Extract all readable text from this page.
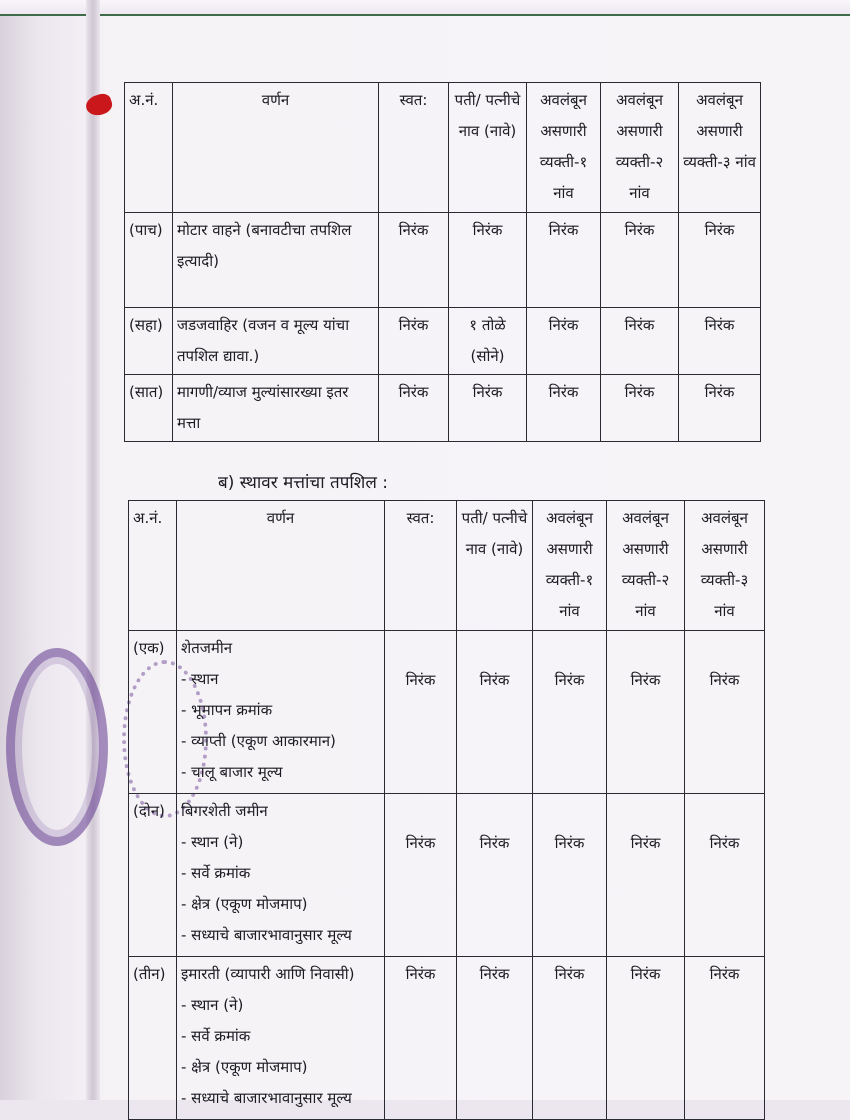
अ.नं.	वर्णन	स्वत:	पती/ पत्नीचे नाव (नावे)	अवलंबून असणारी व्यक्ती-१ नांव	अवलंबून असणारी व्यक्ती-२ नांव	अवलंबून असणारी व्यक्ती-३ नांव
(पाच)	मोटार वाहने (बनावटीचा तपशिल इत्यादी)	निरंक	निरंक	निरंक	निरंक	निरंक
(सहा)	जडजवाहिर (वजन व मूल्य यांचा तपशिल द्यावा.)	निरंक	१ तोळे (सोने)	निरंक	निरंक	निरंक
(सात)	मागणी/व्याज मुल्यांसारख्या इतर मत्ता	निरंक	निरंक	निरंक	निरंक	निरंक
ब) स्थावर मत्तांचा तपशिल :
अ.नं.	वर्णन	स्वत:	पती/ पत्नीचे नाव (नावे)	अवलंबून असणारी व्यक्ती-१ नांव	अवलंबून असणारी व्यक्ती-२ नांव	अवलंबून असणारी व्यक्ती-३ नांव
(एक)	शेतजमीन
- स्थान
- भूमापन क्रमांक
- व्याप्ती (एकूण आकारमान)
- चालू बाजार मूल्य	निरंक	निरंक	निरंक	निरंक	निरंक
(दोन)	बिगरशेती जमीन
- स्थान (ने)
- सर्वे क्रमांक
- क्षेत्र (एकूण मोजमाप)
- सध्याचे बाजारभावानुसार मूल्य	निरंक	निरंक	निरंक	निरंक	निरंक
(तीन)	इमारती (व्यापारी आणि निवासी)
- स्थान (ने)
- सर्वे क्रमांक
- क्षेत्र (एकूण मोजमाप)
- सध्याचे बाजारभावानुसार मूल्य	निरंक	निरंक	निरंक	निरंक	निरंक
